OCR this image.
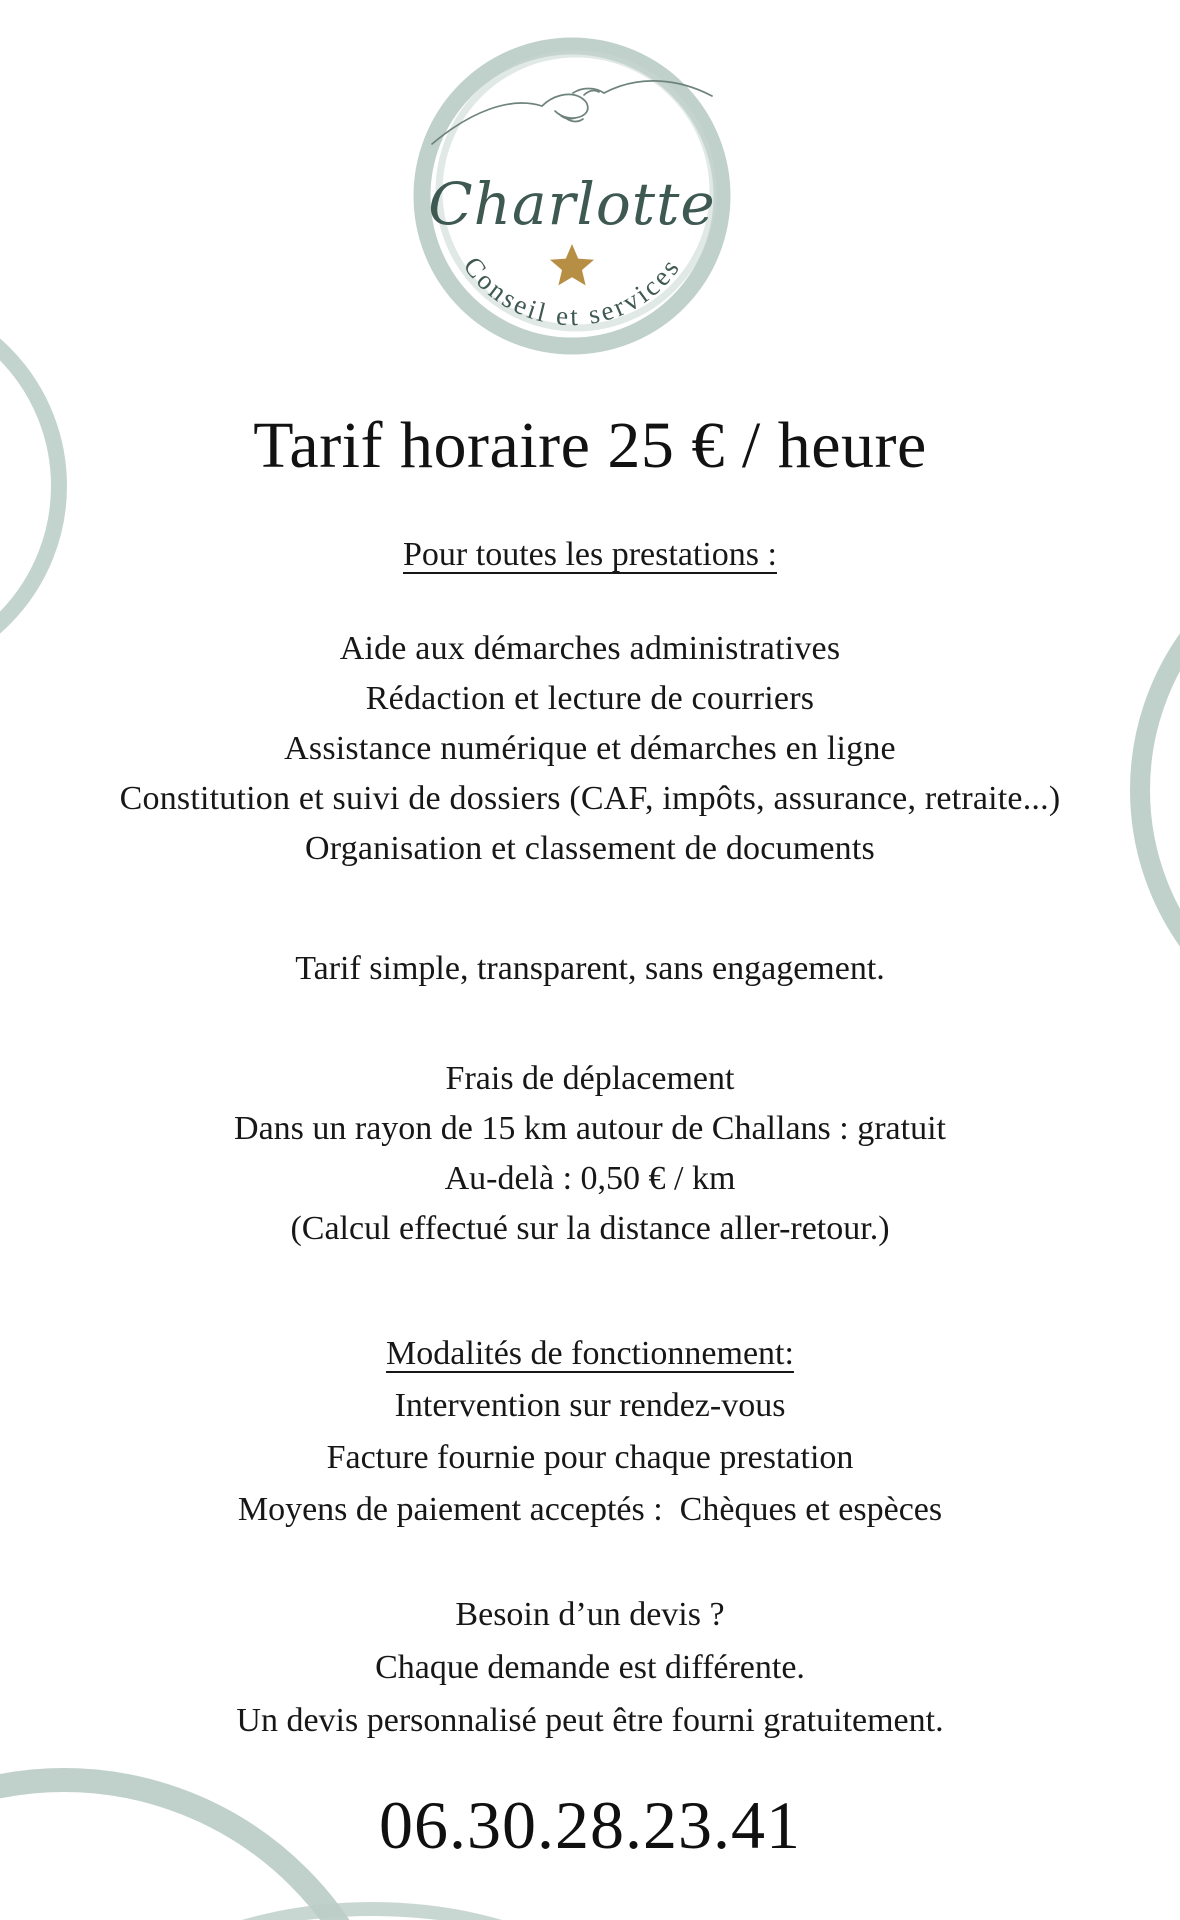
Charlotte
Conseil et services
Tarif horaire 25 € / heure
Pour toutes les prestations :
Aide aux démarches administratives
Rédaction et lecture de courriers
Assistance numérique et démarches en ligne
Constitution et suivi de dossiers (CAF, impôts, assurance, retraite...)
Organisation et classement de documents
Tarif simple, transparent, sans engagement.
Frais de déplacement
Dans un rayon de 15 km autour de Challans : gratuit
Au-delà : 0,50 € / km
(Calcul effectué sur la distance aller-retour.)
Modalités de fonctionnement:
Intervention sur rendez-vous
Facture fournie pour chaque prestation
Moyens de paiement acceptés :  Chèques et espèces
Besoin d’un devis ?
Chaque demande est différente.
Un devis personnalisé peut être fourni gratuitement.
06.30.28.23.41
